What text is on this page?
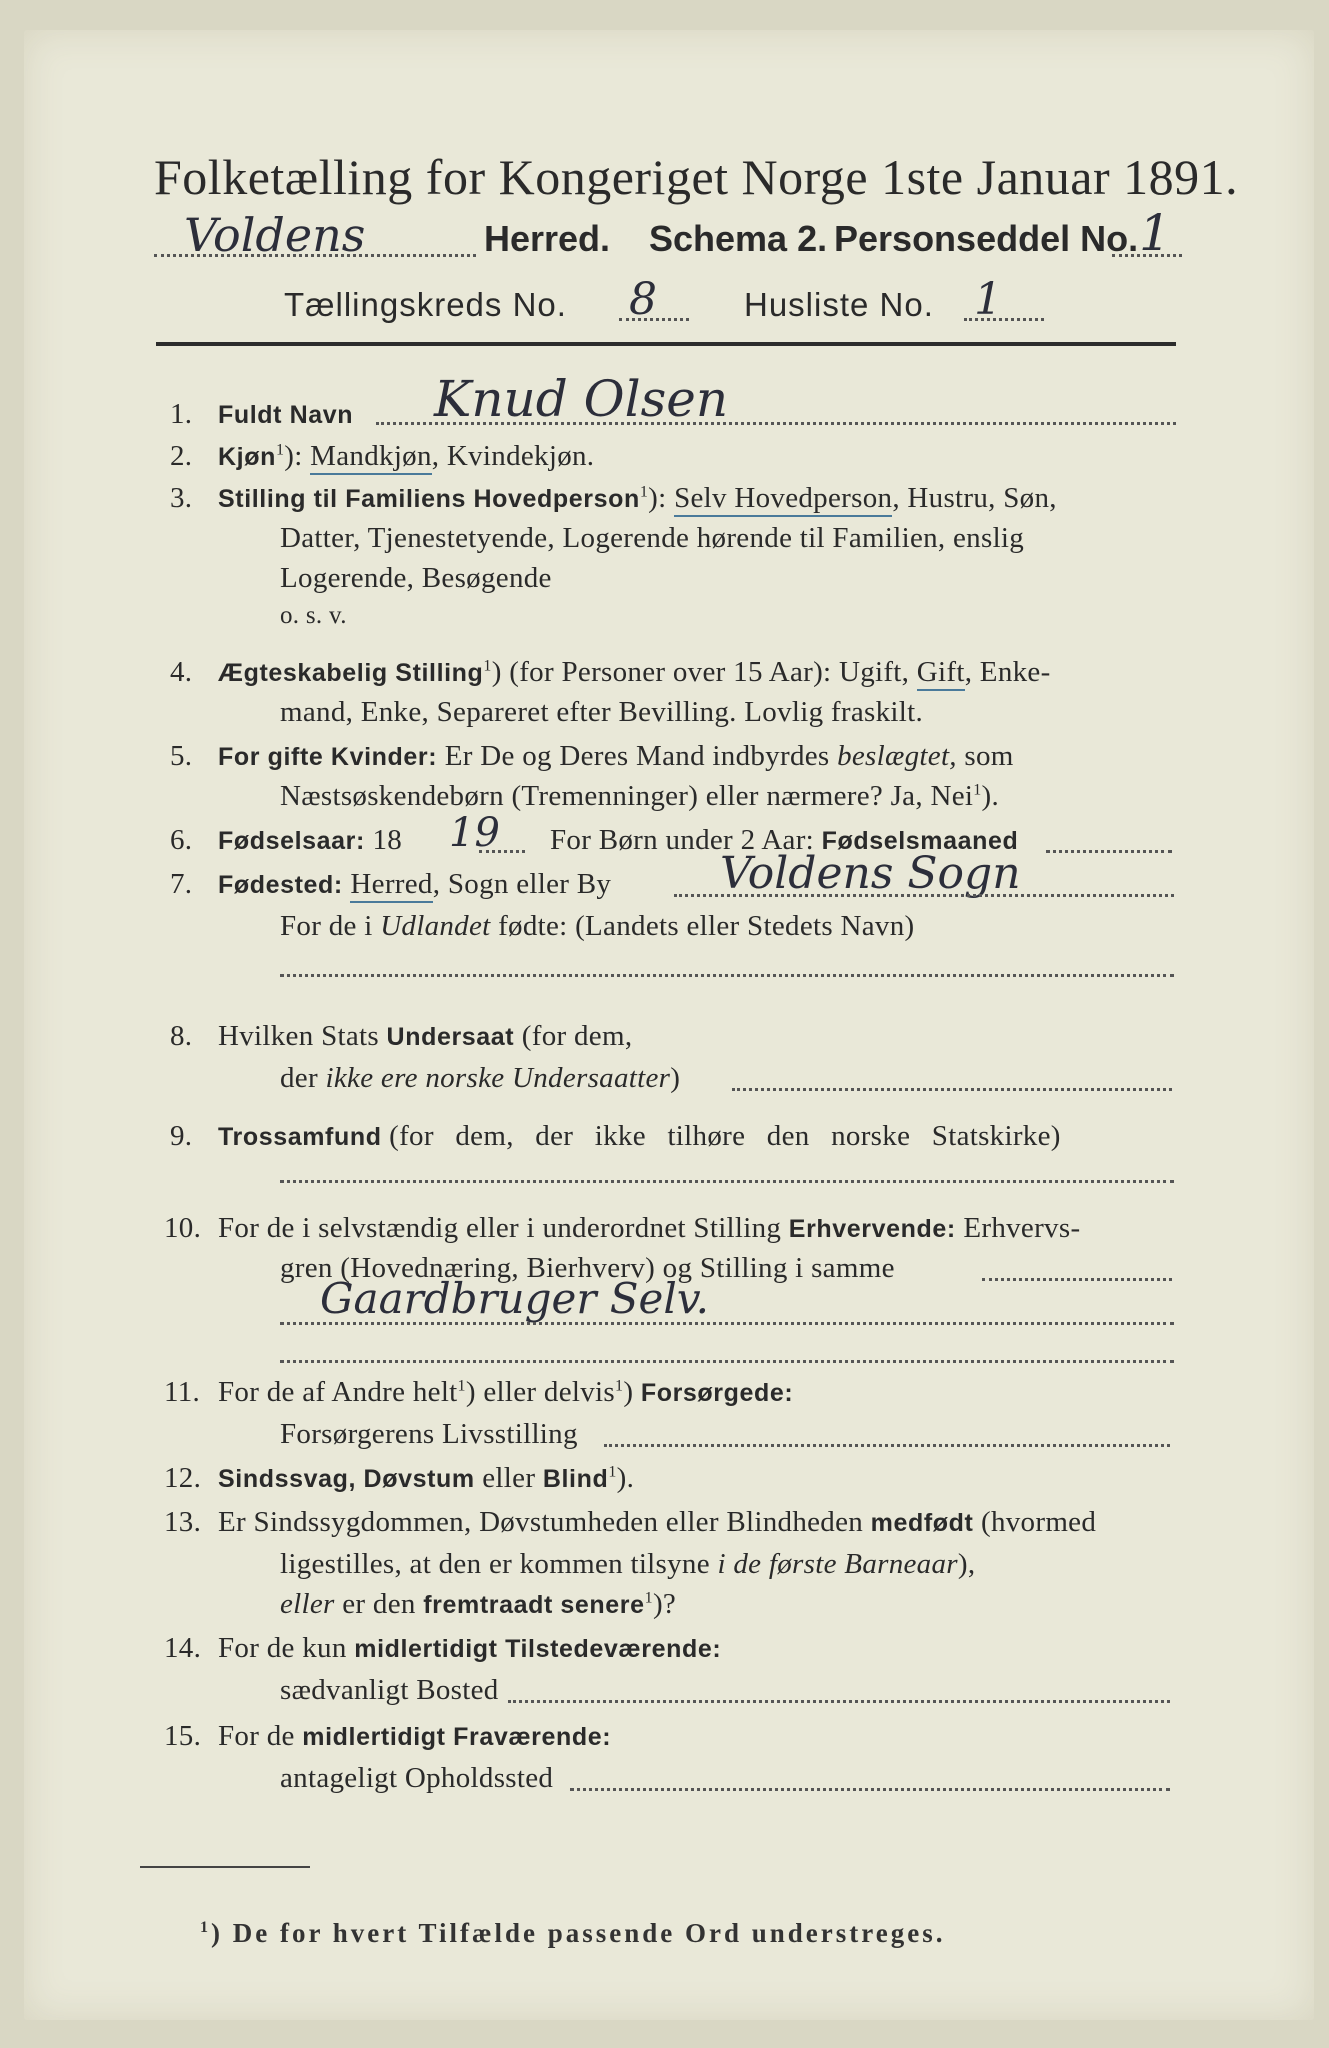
Folketælling for Kongeriget Norge 1ste Januar 1891.
Voldens	Herred. Schema 2. Personseddel No. 1
Tællingskreds No. 8	Husliste No. 1
1. Fuldt Navn Knud Olsen
2. Kjøn$^1$): Mandkjøn, Kvindekjøn.
3. Stilling til Familiens Hovedperson$^1$): Selv Hovedperson, Hustru, Søn,
Datter, Tjenestetyende, Logerende hørende til Familien, enslig
Logerende, Besøgende
o. s. v.
4. Ægteskabelig Stilling$^1$) (for Personer over 15 Aar): Ugift, Gift, Enke-
mand, Enke, Separeret efter Bevilling. Lovlig fraskilt.
5. For gifte Kvinder: Er De og Deres Mand indbyrdes beslægtet, som
Næstsøskendebørn (Tremenninger) eller nærmere? Ja, Nei$^1$).
6. Fødselsaar: 18 19 For Børn under 2 Aar: Fødselsmaaned
7. Fødested: Herred, Sogn eller By Voldens Sogn
For de i Udlandet fødte: (Landets eller Stedets Navn)
8. Hvilken Stats Undersaat (for dem,
der ikke ere norske Undersaatter)
9. Trossamfund (for dem, der ikke tilhøre den norske Statskirke)
10. For de i selvstændig eller i underordnet Stilling Erhvervende: Erhvervs-
gren (Hovednæring, Bierhverv) og Stilling i samme
Gaardbruger Selv.
11. For de af Andre helt$^1$) eller delvis$^1$) Forsørgede:
Forsørgerens Livsstilling
12. Sindssvag, Døvstum eller Blind$^1$).
13. Er Sindssygdommen, Døvstumheden eller Blindheden medfødt (hvormed
ligestilles, at den er kommen tilsyne i de første Barneaar),
eller er den fremtraadt senere$^1$)?
14. For de kun midlertidigt Tilstedeværende:
sædvanligt Bosted
15. For de midlertidigt Fraværende:
antageligt Opholdssted
$^1$) De for hvert Tilfælde passende Ord understreges.
